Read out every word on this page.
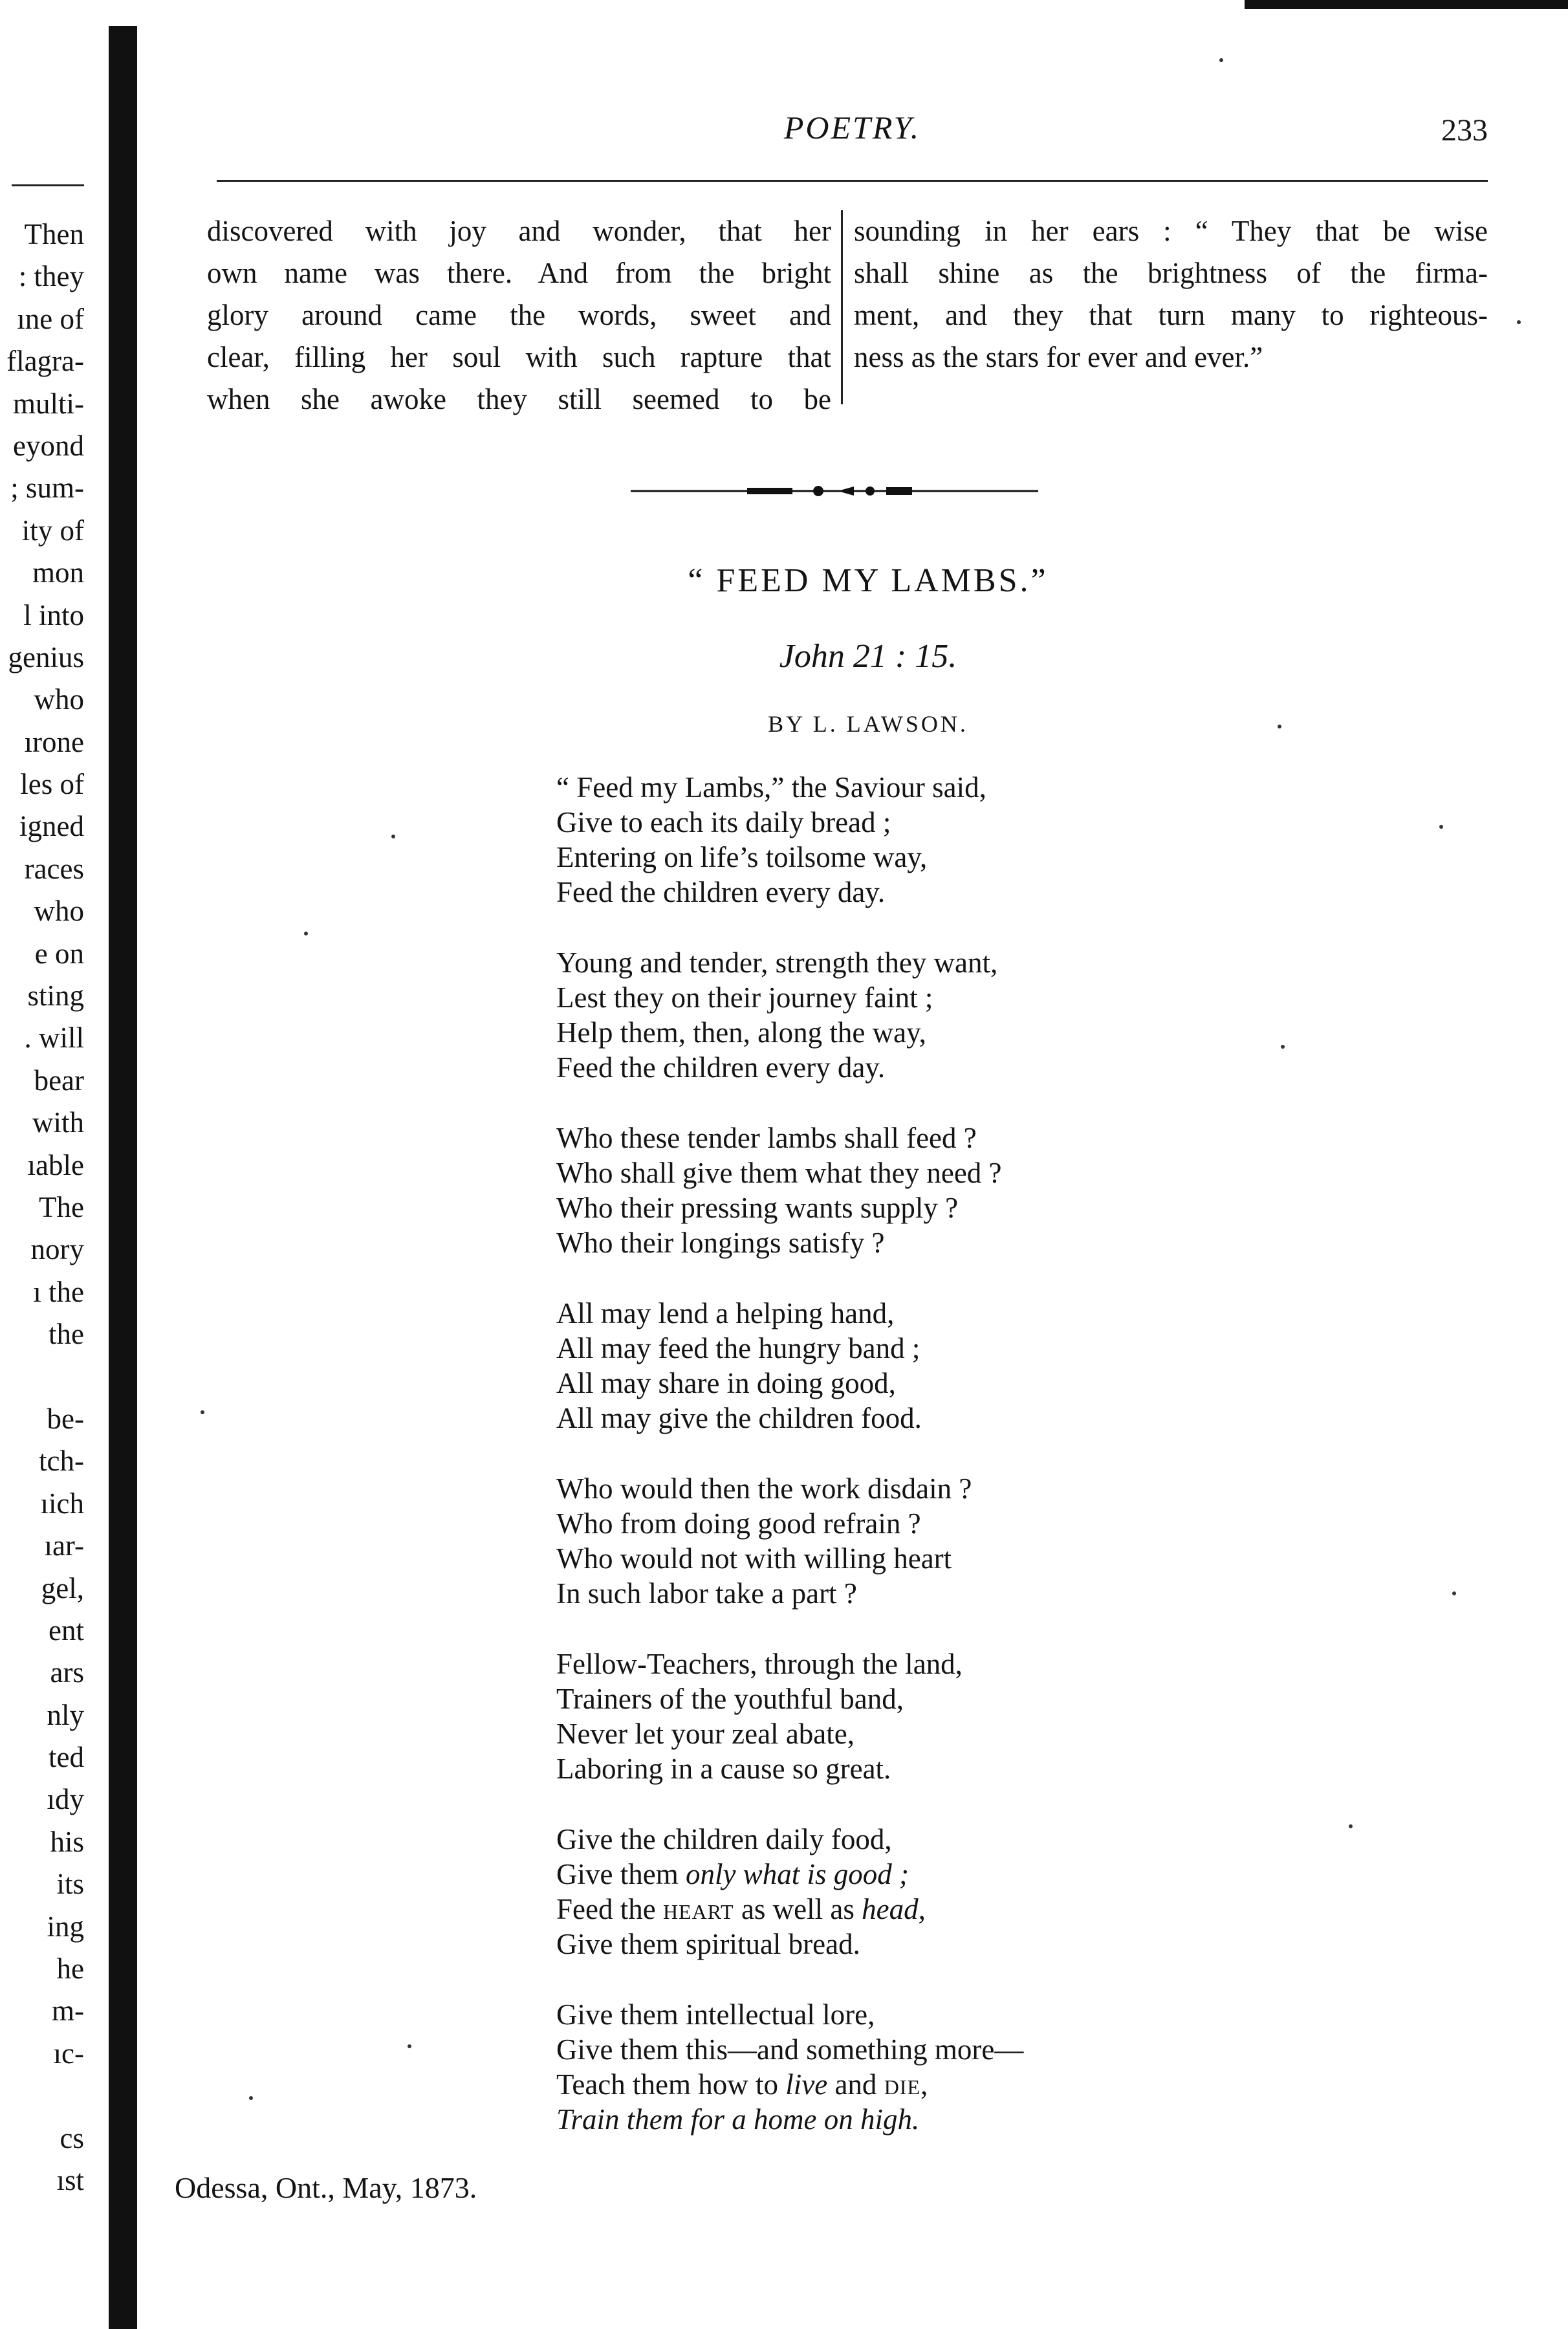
Then
: they
ıne of
flagra-
multi-
eyond
; sum-
ity of
mon
l into
genius
who
ırone
les of
igned
races
who
e on
sting
. will
bear
with
ıable
The
nory
ı the
the
be-
tch-
ıich
ıar-
gel,
ent
ars
nly
ted
ıdy
his
its
ing
he
m-
ıc-
cs
ıst
POETRY.	233
discovered with joy and wonder, that her
own name was there. And from the bright
glory around came the words, sweet and
clear, filling her soul with such rapture that
when she awoke they still seemed to be
sounding in her ears : “ They that be wise
shall shine as the brightness of the firma-
ment, and they that turn many to righteous-
ness as the stars for ever and ever.”
“ FEED MY LAMBS.”
John 21 : 15.
BY L. LAWSON.
“ Feed my Lambs,” the Saviour said,
Give to each its daily bread ;
Entering on life’s toilsome way,
Feed the children every day.
Young and tender, strength they want,
Lest they on their journey faint ;
Help them, then, along the way,
Feed the children every day.
Who these tender lambs shall feed ?
Who shall give them what they need ?
Who their pressing wants supply ?
Who their longings satisfy ?
All may lend a helping hand,
All may feed the hungry band ;
All may share in doing good,
All may give the children food.
Who would then the work disdain ?
Who from doing good refrain ?
Who would not with willing heart
In such labor take a part ?
Fellow-Teachers, through the land,
Trainers of the youthful band,
Never let your zeal abate,
Laboring in a cause so great.
Give the children daily food,
Give them only what is good ;
Feed the heart as well as head,
Give them spiritual bread.
Give them intellectual lore,
Give them this—and something more—
Teach them how to live and die,
Train them for a home on high.
Odessa, Ont., May, 1873.
